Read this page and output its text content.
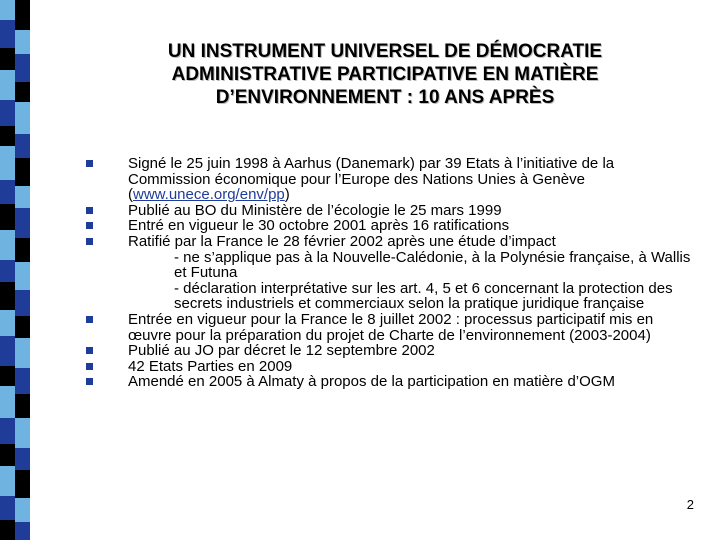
UN INSTRUMENT UNIVERSEL DE DÉMOCRATIE
ADMINISTRATIVE PARTICIPATIVE EN MATIÈRE
D’ENVIRONNEMENT : 10 ANS APRÈS
Signé le 25 juin 1998 à Aarhus (Danemark) par 39 Etats à l’initiative de la Commission économique pour l’Europe des Nations Unies à Genève (www.unece.org/env/pp)
Publié au BO du Ministère de l’écologie le 25 mars 1999
Entré en vigueur le 30 octobre 2001 après 16 ratifications
Ratifié par la France le 28 février 2002 après une étude d’impact
- ne s’applique pas à la Nouvelle-Calédonie, à la Polynésie française, à Wallis et Futuna
- déclaration interprétative sur les art. 4, 5 et 6 concernant la protection des secrets industriels et commerciaux selon la pratique juridique française
Entrée en vigueur pour la France le 8 juillet 2002 : processus participatif mis en œuvre pour la préparation du projet de Charte de l’environnement (2003-2004)
Publié au JO par décret le 12 septembre 2002
42 Etats Parties en 2009
Amendé en 2005 à Almaty à propos de la participation en matière d’OGM
2
